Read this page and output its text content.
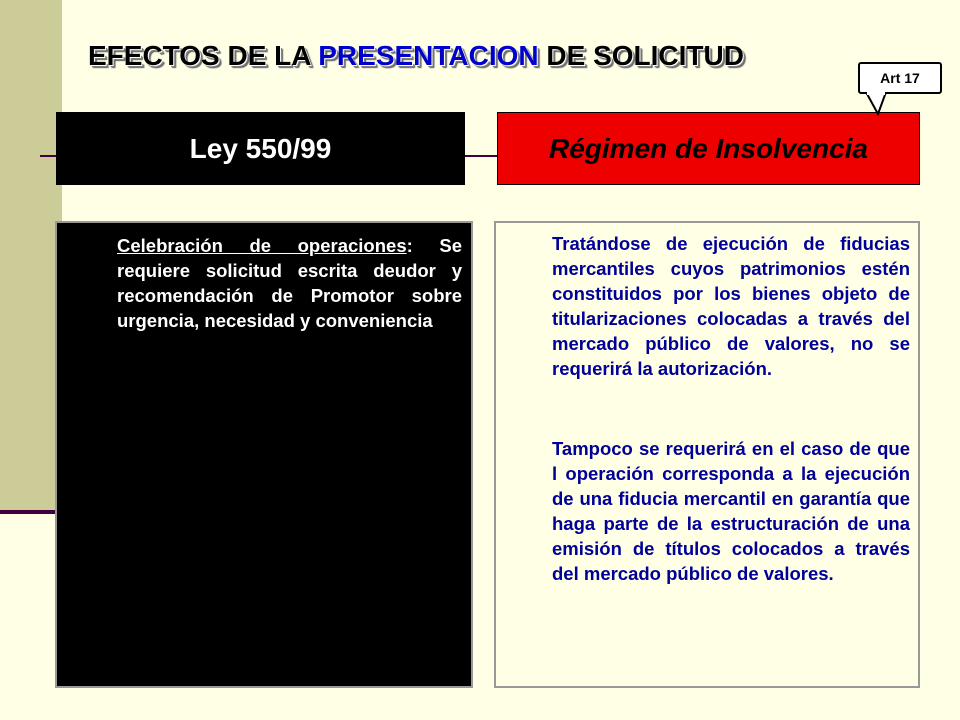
EFECTOS DE LA PRESENTACION DE SOLICITUD
Ley 550/99	Régimen de Insolvencia
Art 17

Celebración de operaciones: Se requiere solicitud escrita deudor y recomendación de Promotor sobre urgencia, necesidad y conveniencia

Tratándose de ejecución de fiducias mercantiles cuyos patrimonios estén constituidos por los bienes objeto de titularizaciones colocadas a través del mercado público de valores, no se requerirá la autorización.

Tampoco se requerirá en el caso de que l operación corresponda a la ejecución de una fiducia mercantil en garantía que haga parte de la estructuración de una emisión de títulos colocados a través del mercado público de valores.
